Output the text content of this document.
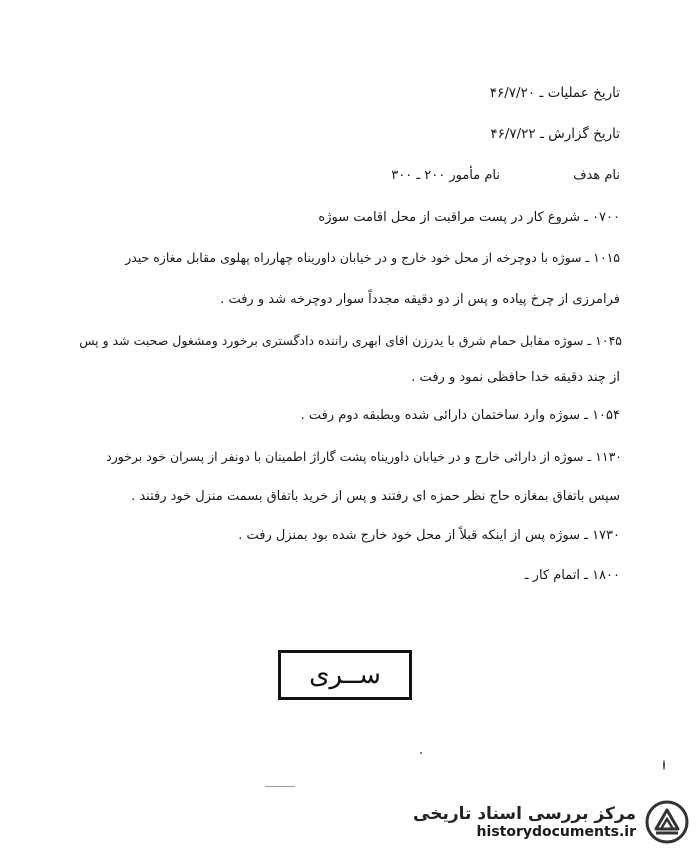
تاریخ عملیات ـ ۴۶/۷/۲۰
تاریخ گزارش ـ ۴۶/۷/۲۲
نام هدف
نام مأمور ۲۰۰ ـ ۳۰۰
۰۷۰۰ ـ شروع کار در پست مراقبت از محل اقامت سوژه
۱۰۱۵ ـ سوژه با دوچرخه از محل خود خارج و در خیابان داوریناه چهارراه پهلوی مقابل مغازه حیدر
فرامرزی از چرخ پیاده و پس از دو دقیقه مجدداً سوار دوچرخه شد و رفت .
۱۰۴۵ ـ سوژه مقابل حمام شرق با یدرزن اقای ابهری راننده دادگستری برخورد ومشغول صحبت شد و پس
از چند دقیقه خدا حافظی نمود و رفت .
۱۰۵۴ ـ سوژه وارد ساختمان دارائی شده وبطبقه دوم رفت .
۱۱۳۰ ـ سوژه از دارائی خارج و در خیابان داوریناه پشت گاراژ اطمینان با دونفر از پسران خود برخورد
سپس باتفاق بمغازه حاج نظر حمزه ای رفتند و پس از خرید باتفاق بسمت منزل خود رفتند .
۱۷۳۰ ـ سوژه پس از اینکه قبلاً از محل خود خارج شده بود بمنزل رفت .
۱۸۰۰ ـ اتمام کار ـ
ســری
مرکز بررسی اسناد تاریخی
historydocuments.ir
